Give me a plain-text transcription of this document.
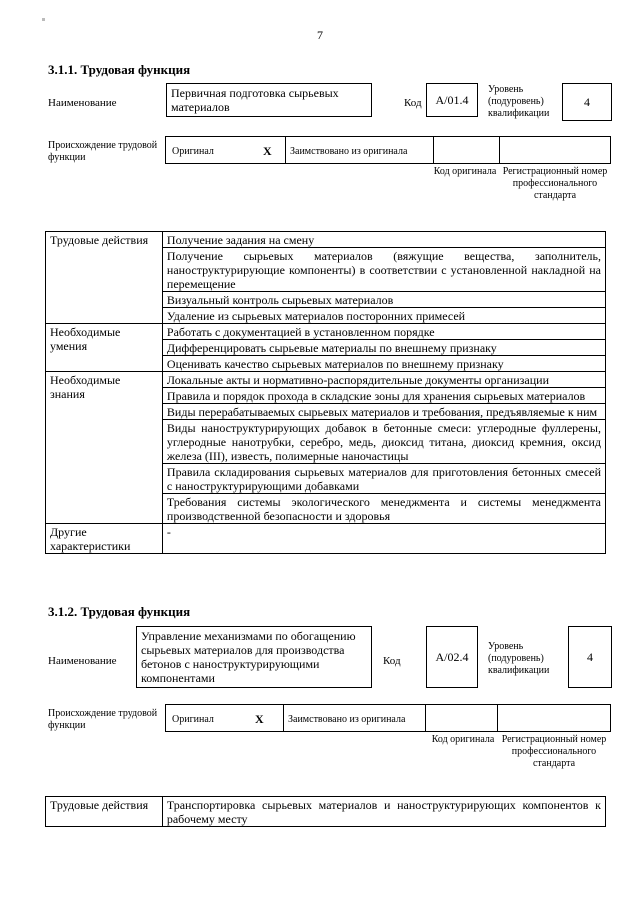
7
3.1.1. Трудовая функция
Наименование
Первичная подготовка сырьевых материалов	Код	A/01.4
Уровень (подуровень) квалификации
4
Происхождение трудовой функции
Оригинал	X Заимствовано из оригинала
Код оригинала Регистрационный номер профессионального стандарта
Трудовые действия	Получение задания на смену
	Получение сырьевых материалов (вяжущие вещества, заполнитель, наноструктурирующие компоненты) в соответствии с установленной накладной на перемещение
	Визуальный контроль сырьевых материалов
	Удаление из сырьевых материалов посторонних примесей
Необходимые умения	Работать с документацией в установленном порядке
	Дифференцировать сырьевые материалы по внешнему признаку
	Оценивать качество сырьевых материалов по внешнему признаку
Необходимые знания	Локальные акты и нормативно-распорядительные документы организации
	Правила и порядок прохода в складские зоны для хранения сырьевых материалов
	Виды перерабатываемых сырьевых материалов и требования, предъявляемые к ним
	Виды наноструктурирующих добавок в бетонные смеси: углеродные фуллерены, углеродные нанотрубки, серебро, медь, диоксид титана, диоксид кремния, оксид железа (III), известь, полимерные наночастицы
	Правила складирования сырьевых материалов для приготовления бетонных смесей с наноструктурирующими добавками
	Требования системы экологического менеджмента и системы менеджмента производственной безопасности и здоровья
Другие характеристики	-
3.1.2. Трудовая функция
Наименование
Управление механизмами по обогащению сырьевых материалов для производства бетонов с наноструктурирующими компонентами
Код	A/02.4
Уровень (подуровень) квалификации
4
Происхождение трудовой функции
Оригинал	X Заимствовано из оригинала
Код оригинала Регистрационный номер профессионального стандарта
Трудовые действия	Транспортировка сырьевых материалов и наноструктурирующих компонентов к рабочему месту
